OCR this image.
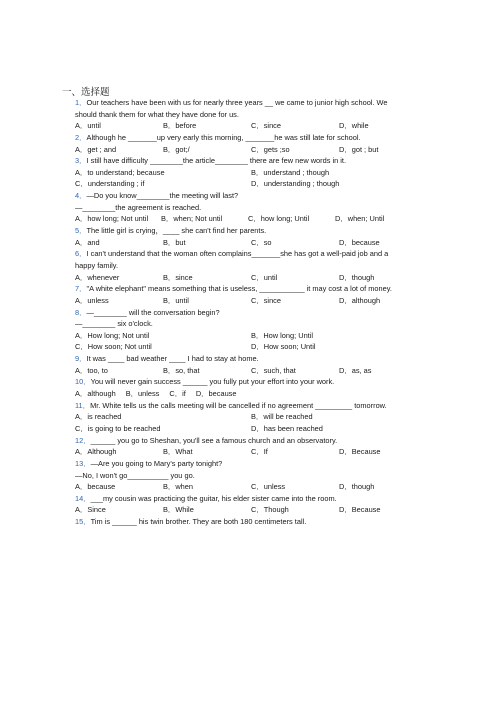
一、选择题
1．Our teachers have been with us for nearly three years __ we came to junior high school. We
should thank them for what they have done for us.
A．until	B．before	C．since	D．while
2．Although he _______up very early this morning, _______he was still late for school.
A．get ; and	B．got;/	C．gets ;so	D．got ; but
3．I still have difficulty ________the article________ there are few new words in it.
A．to understand; because	B．understand ; though
C．understanding ; if	D．understanding ; though
4．—Do you know________the meeting will last?
—________the agreement is reached.
A．how long; Not until	B．when; Not until	C．how long; Until	D．when; Until
5．The little girl is crying，____ she can't find her parents.
A．and	B．but	C．so	D．because
6．I can't understand that the woman often complains_______she has got a well-paid job and a
happy family.
A．whenever	B．since	C．until	D．though
7．"A white elephant" means something that is useless, ___________ it may cost a lot of money.
A．unless	B．until	C．since	D．although
8．—________ will the conversation begin?
—________ six o'clock.
A．How long; Not until	B．How long; Until
C．How soon; Not until	D．How soon; Until
9．It was ____ bad weather ____ I had to stay at home.
A．too, to	B．so, that	C．such, that	D．as, as
10．You will never gain success ______ you fully put your effort into your work.
A．although B．unless C．if D．because
11．Mr. White tells us the calls meeting will be cancelled if no agreement _________ tomorrow.
A．is reached	B．will be reached
C．is going to be reached	D．has been reached
12．______ you go to Sheshan, you'll see a famous church and an observatory.
A．Although	B．What	C．If	D．Because
13．—Are you going to Mary's party tonight?
—No, I won't go__________ you go.
A．because	B．when	C．unless	D．though
14．___my cousin was practicing the guitar, his elder sister came into the room.
A．Since	B．While	C．Though	D．Because
15．Tim is ______ his twin brother. They are both 180 centimeters tall.
